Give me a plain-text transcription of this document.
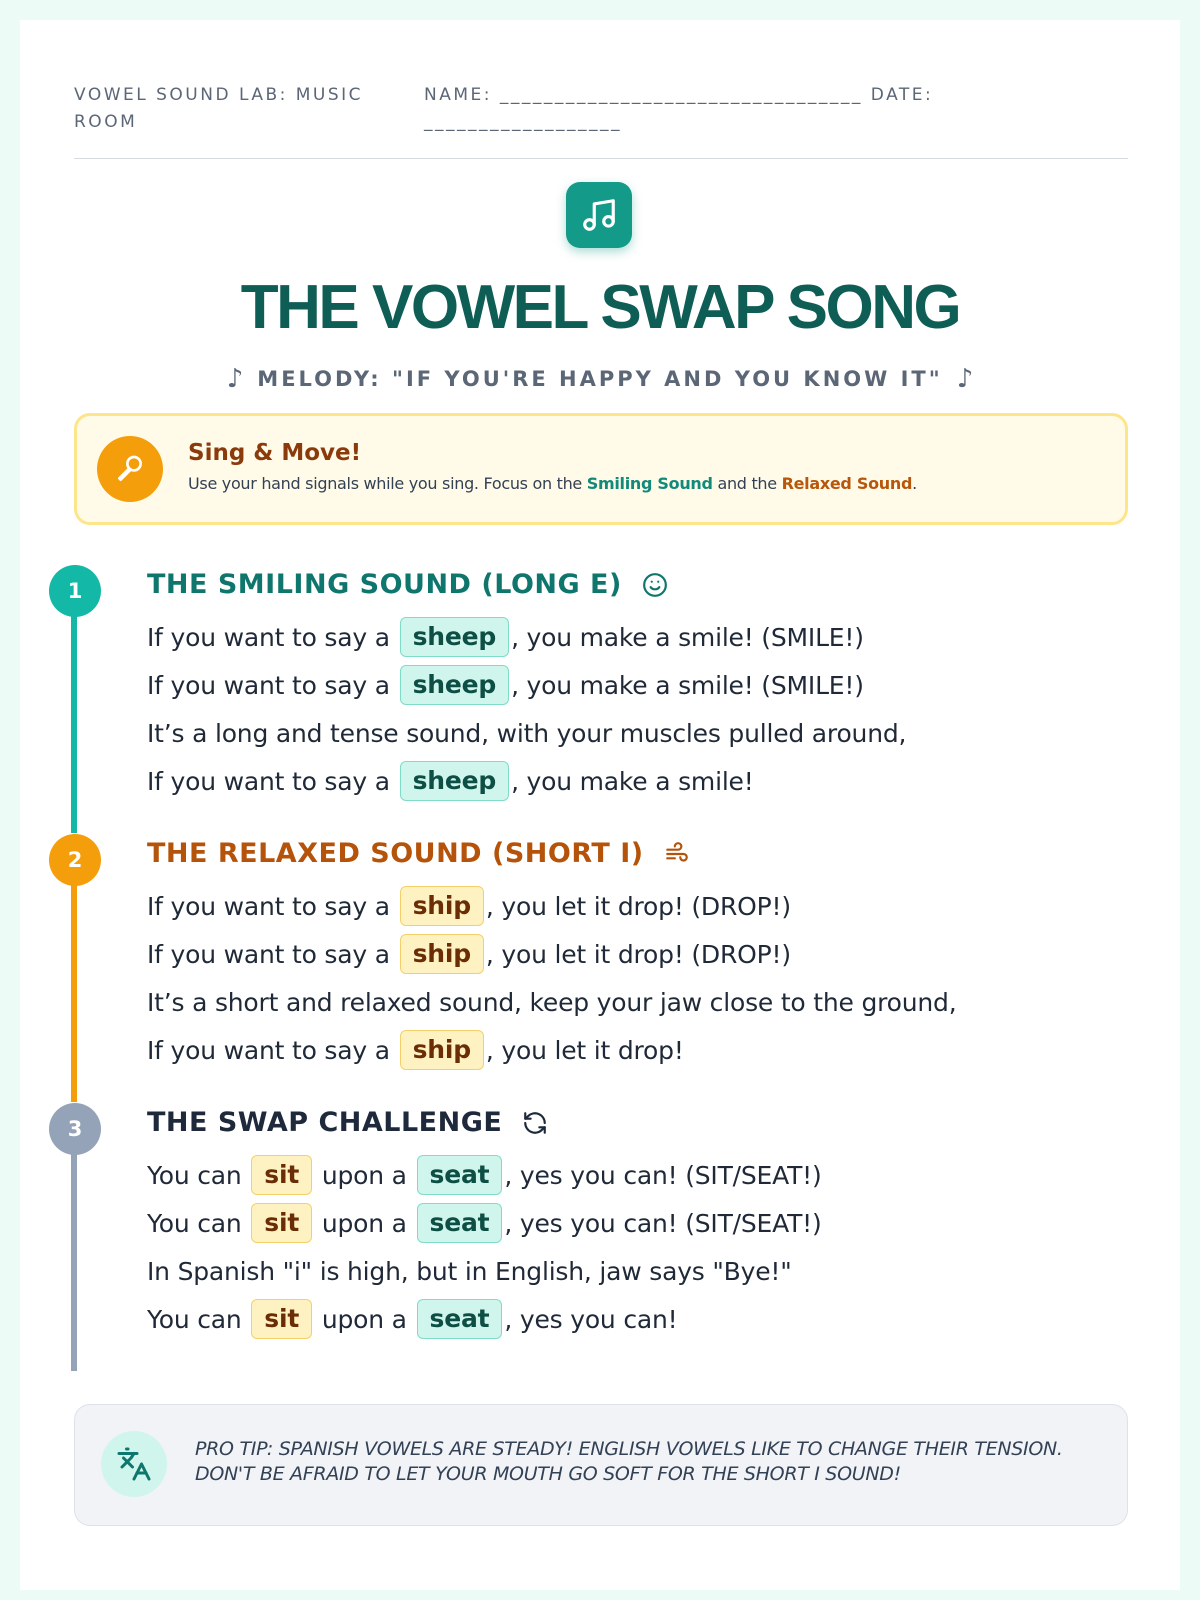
VOWEL SOUND LAB: MUSIC ROOM
NAME: _________________________________ DATE: __________________
THE VOWEL SWAP SONG
♪ MELODY: "IF YOU'RE HAPPY AND YOU KNOW IT" ♪
Sing & Move!
Use your hand signals while you sing. Focus on the Smiling Sound and the Relaxed Sound.
1	THE SMILING SOUND (LONG E)
If you want to say a sheep , you make a smile! (SMILE!)
If you want to say a sheep , you make a smile! (SMILE!)
It’s a long and tense sound, with your muscles pulled around,
If you want to say a sheep , you make a smile!
2	THE RELAXED SOUND (SHORT I)
If you want to say a ship , you let it drop! (DROP!)
If you want to say a ship , you let it drop! (DROP!)
It’s a short and relaxed sound, keep your jaw close to the ground,
If you want to say a ship , you let it drop!
3	THE SWAP CHALLENGE
You can sit upon a seat , yes you can! (SIT/SEAT!)
You can sit upon a seat , yes you can! (SIT/SEAT!)
In Spanish "i" is high, but in English, jaw says "Bye!"
You can sit upon a seat , yes you can!
PRO TIP: SPANISH VOWELS ARE STEADY! ENGLISH VOWELS LIKE TO CHANGE THEIR TENSION. DON'T BE AFRAID TO LET YOUR MOUTH GO SOFT FOR THE SHORT I SOUND!
